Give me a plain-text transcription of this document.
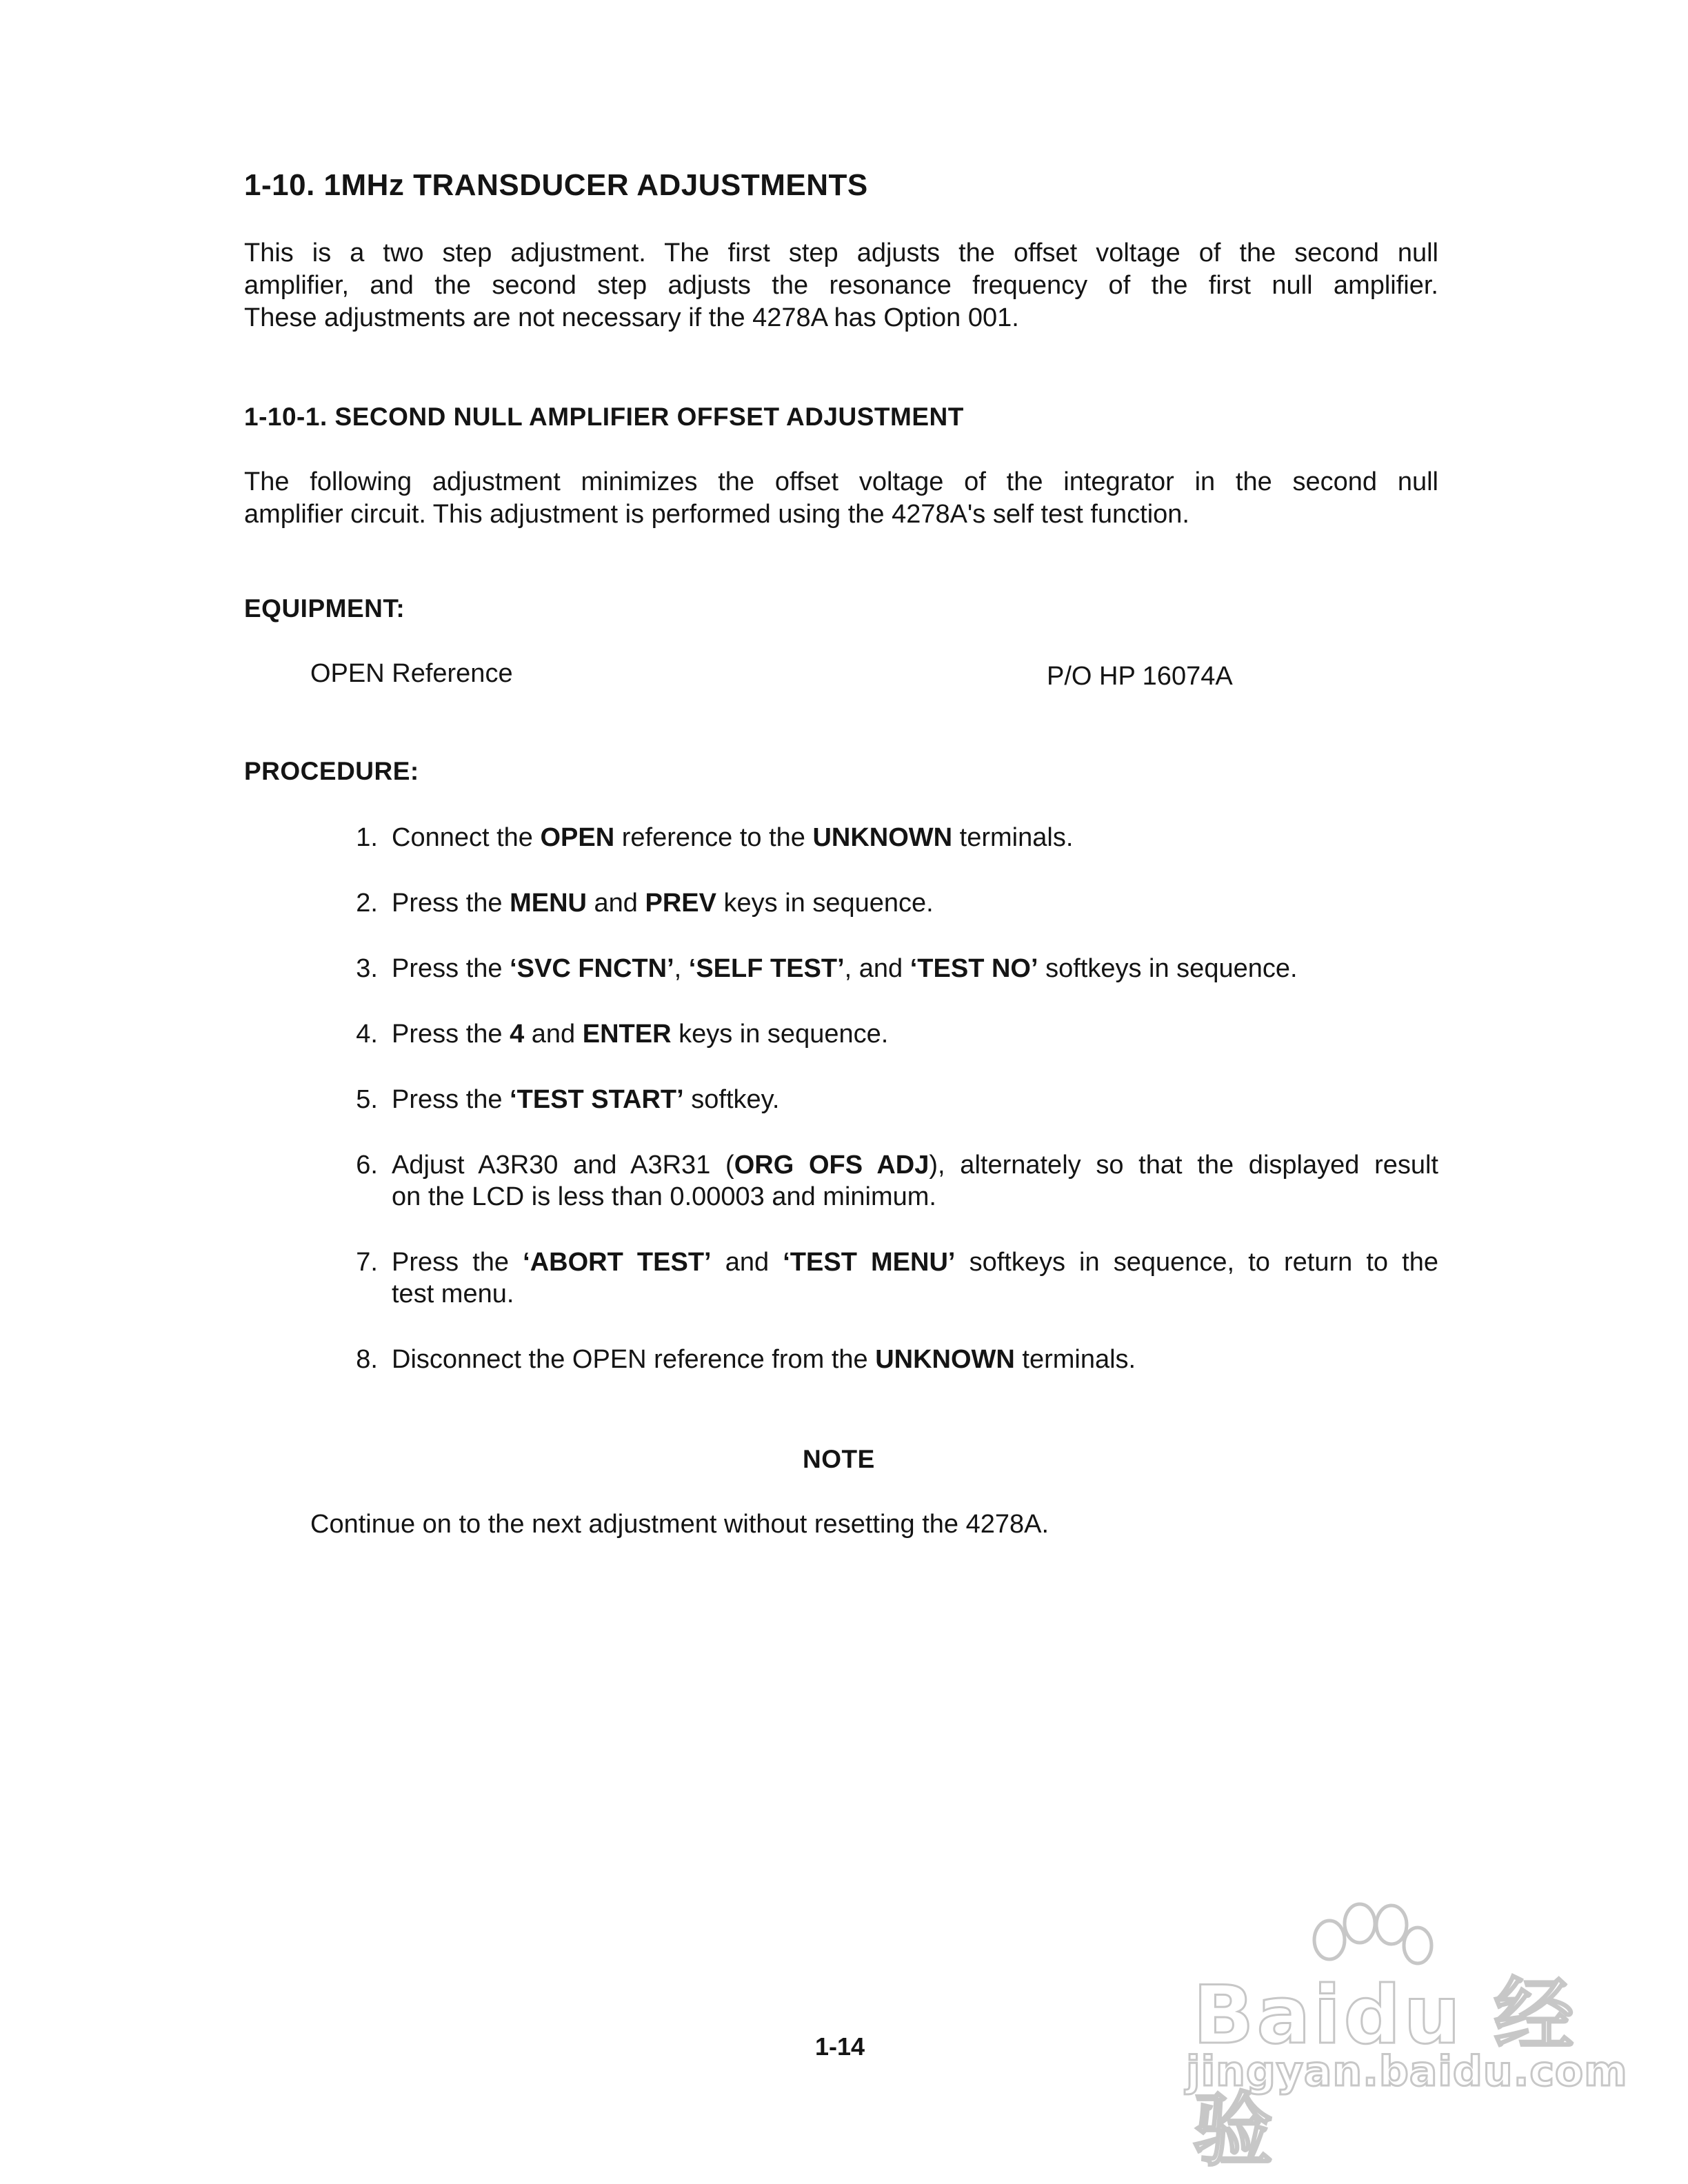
1-10. 1MHz TRANSDUCER ADJUSTMENTS
This is a two step adjustment. The first step adjusts the offset voltage of the second null
amplifier, and the second step adjusts the resonance frequency of the first null amplifier.
These adjustments are not necessary if the 4278A has Option 001.
1-10-1. SECOND NULL AMPLIFIER OFFSET ADJUSTMENT
The following adjustment minimizes the offset voltage of the integrator in the second null
amplifier circuit. This adjustment is performed using the 4278A's self test function.
EQUIPMENT:
OPEN Reference	P/O HP 16074A
PROCEDURE:
1. Connect the OPEN reference to the UNKNOWN terminals.
2. Press the MENU and PREV keys in sequence.
3. Press the ‘SVC FNCTN’, ‘SELF TEST’, and ‘TEST NO’ softkeys in sequence.
4. Press the 4 and ENTER keys in sequence.
5. Press the ‘TEST START’ softkey.
6. Adjust A3R30 and A3R31 (ORG OFS ADJ), alternately so that the displayed result
on the LCD is less than 0.00003 and minimum.
7. Press the ‘ABORT TEST’ and ‘TEST MENU’ softkeys in sequence, to return to the
test menu.
8. Disconnect the OPEN reference from the UNKNOWN terminals.
NOTE
Continue on to the next adjustment without resetting the 4278A.
1-14	Baidu 经验
jingyan.baidu.com
